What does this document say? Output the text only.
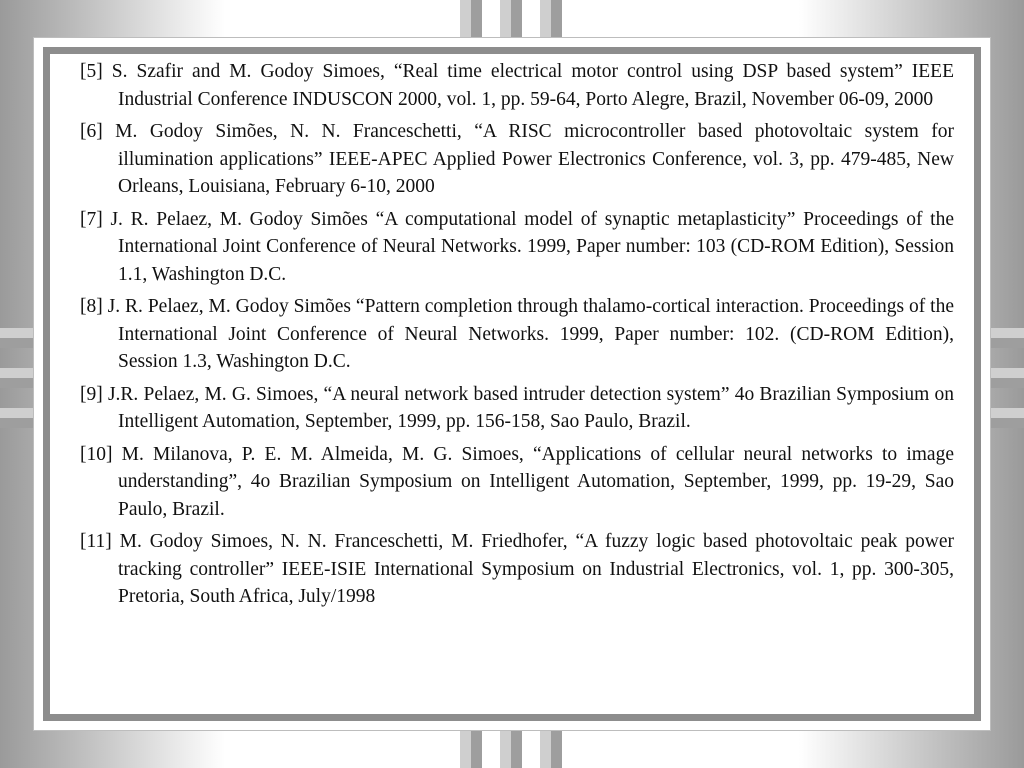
[5] S. Szafir and M. Godoy Simoes, “Real time electrical motor control using DSP based system” IEEE Industrial Conference INDUSCON 2000, vol. 1, pp. 59-64, Porto Alegre, Brazil, November 06-09, 2000

[6] M. Godoy Simões, N. N. Franceschetti, “A RISC microcontroller based photovoltaic system for illumination applications” IEEE-APEC Applied Power Electronics Conference, vol. 3, pp. 479-485, New Orleans, Louisiana, February 6-10, 2000

[7] J. R. Pelaez, M. Godoy Simões “A computational model of synaptic metaplasticity” Proceedings of the International Joint Conference of Neural Networks. 1999, Paper number: 103 (CD-ROM Edition), Session 1.1, Washington D.C.

[8] J. R. Pelaez, M. Godoy Simões “Pattern completion through thalamo-cortical interaction. Proceedings of the International Joint Conference of Neural Networks. 1999, Paper number: 102. (CD-ROM Edition), Session 1.3, Washington D.C.

[9] J.R. Pelaez, M. G. Simoes, “A neural network based intruder detection system” 4o Brazilian Symposium on Intelligent Automation, September, 1999, pp. 156-158, Sao Paulo, Brazil.

[10] M. Milanova, P. E. M. Almeida, M. G. Simoes, “Applications of cellular neural networks to image understanding”, 4o Brazilian Symposium on Intelligent Automation, September, 1999, pp. 19-29, Sao Paulo, Brazil.

[11] M. Godoy Simoes, N. N. Franceschetti, M. Friedhofer, “A fuzzy logic based photovoltaic peak power tracking controller” IEEE-ISIE International Symposium on Industrial Electronics, vol. 1, pp. 300-305, Pretoria, South Africa, July/1998
